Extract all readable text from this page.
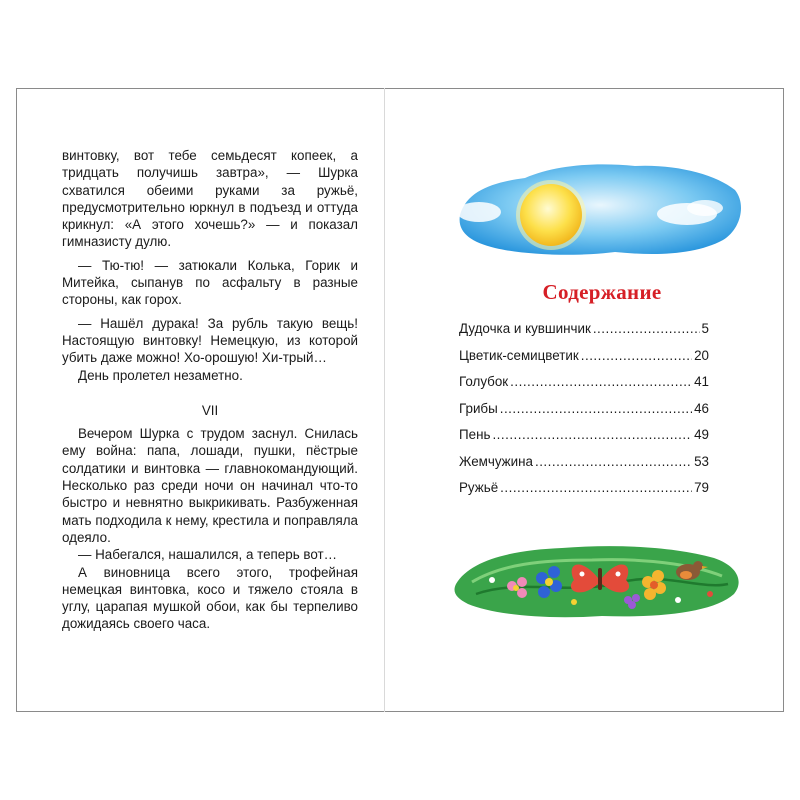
винтовку, вот тебе семьдесят копеек, а тридцать получишь завтра», — Шурка схватился обеими руками за ружьё, предусмотрительно юркнул в подъезд и оттуда крикнул: «А этого хочешь?» — и показал гимназисту дулю.

— Тю-тю! — затюкали Колька, Горик и Митейка, сыпанув по асфальту в разные стороны, как горох.

— Нашёл дурака! За рубль такую вещь! Настоящую винтовку! Немецкую, из которой убить даже можно! Хо-орошую! Хи-трый…

День пролетел незаметно.

VII

Вечером Шурка с трудом заснул. Снилась ему война: папа, лошади, пушки, пёстрые солдатики и винтовка — главнокомандующий. Несколько раз среди ночи он начинал что-то быстро и невнятно выкрикивать. Разбуженная мать подходила к нему, крестила и поправляла одеяло.

— Набегался, нашалился, а теперь вот…

А виновница всего этого, трофейная немецкая винтовка, косо и тяжело стояла в углу, царапая мушкой обои, как бы терпеливо дожидаясь своего часа.

Содержание
Дудочка и кувшинчик .....	5
Цветик-семицветик .....	20
Голубок .....	41
Грибы .....	46
Пень .....	49
Жемчужина .....	53
Ружьё .....	79
